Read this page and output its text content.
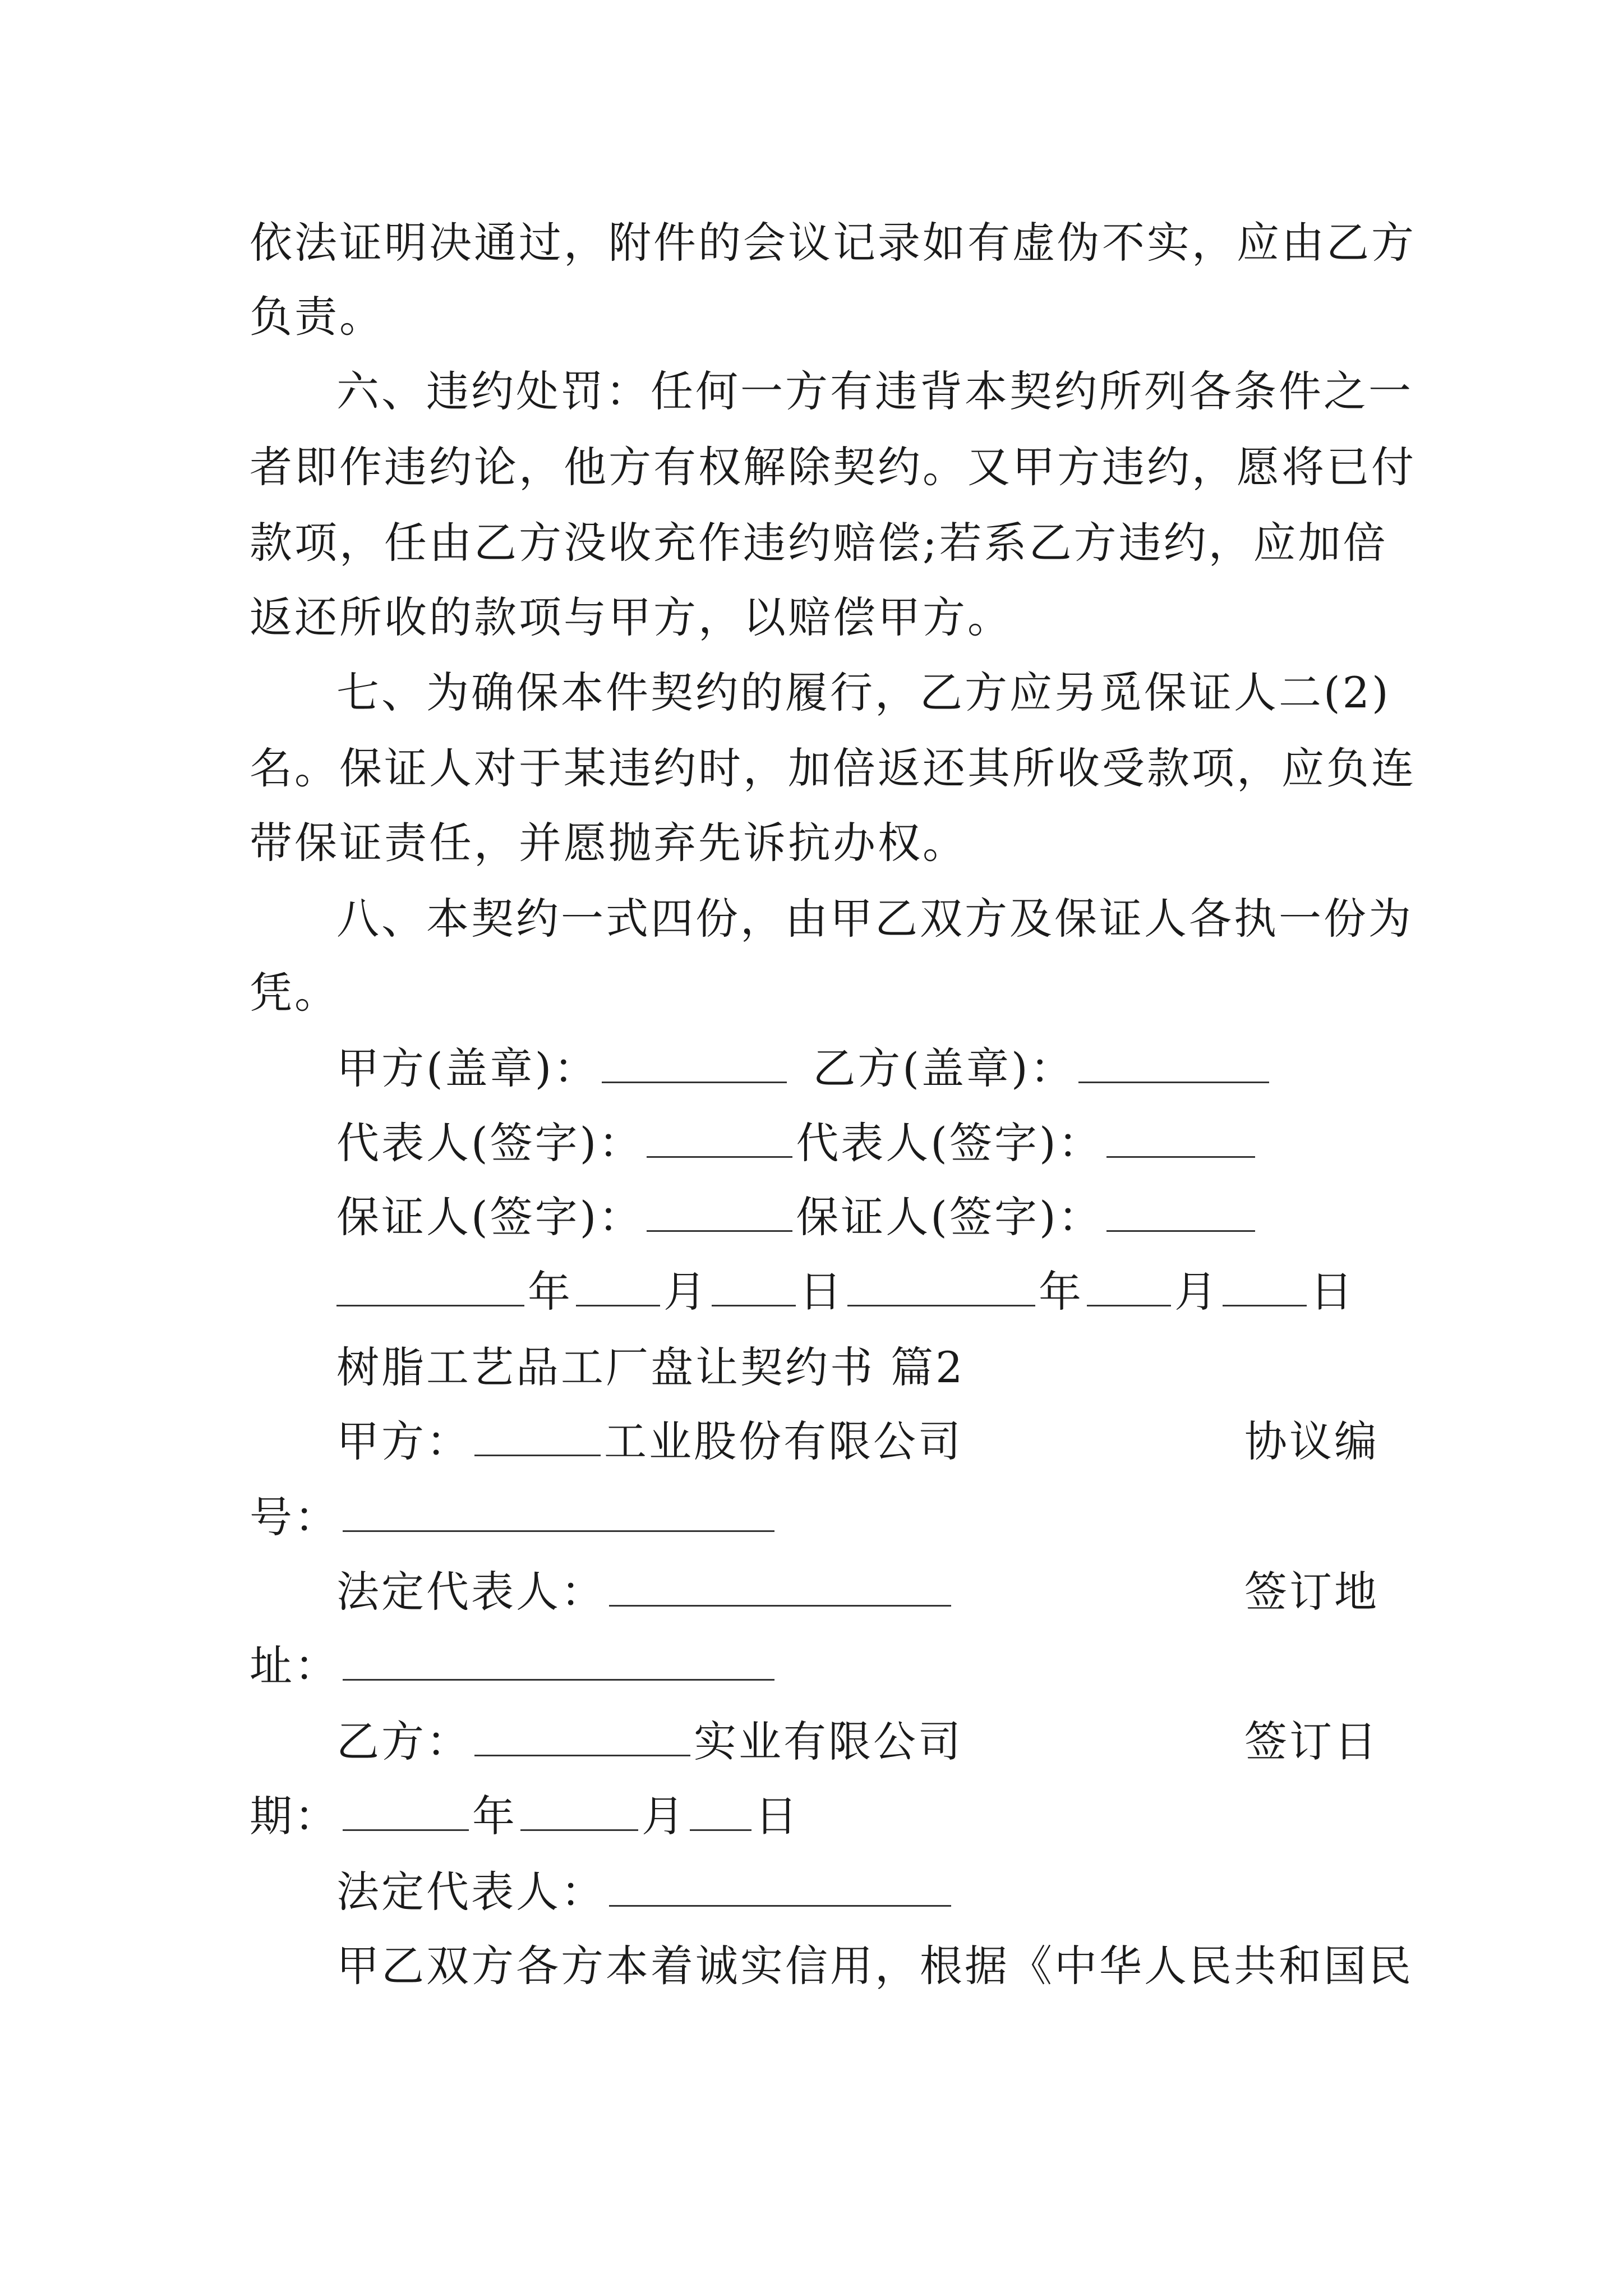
依法证明决通过，附件的会议记录如有虚伪不实，应由乙方
负责。
六、违约处罚：任何一方有违背本契约所列各条件之一
者即作违约论，他方有权解除契约。又甲方违约，愿将已付
款项，任由乙方没收充作违约赔偿;若系乙方违约，应加倍
返还所收的款项与甲方，以赔偿甲方。
七、为确保本件契约的履行，乙方应另觅保证人二(2)
名。保证人对于某违约时，加倍返还其所收受款项，应负连
带保证责任，并愿抛弃先诉抗办权。
八、本契约一式四份，由甲乙双方及保证人各执一份为
凭。
甲方(盖章)：	乙方(盖章)：
代表人(签字)：	代表人(签字)：
保证人(签字)：	保证人(签字)：
年 月 日	年 月 日
树脂工艺品工厂盘让契约书 篇2
甲方：	工业股份有限公司	协议编
号：
法定代表人：	签订地
址：
乙方：	实业有限公司	签订日
期：	年	月 日
法定代表人：
甲乙双方各方本着诚实信用，根据《中华人民共和国民
